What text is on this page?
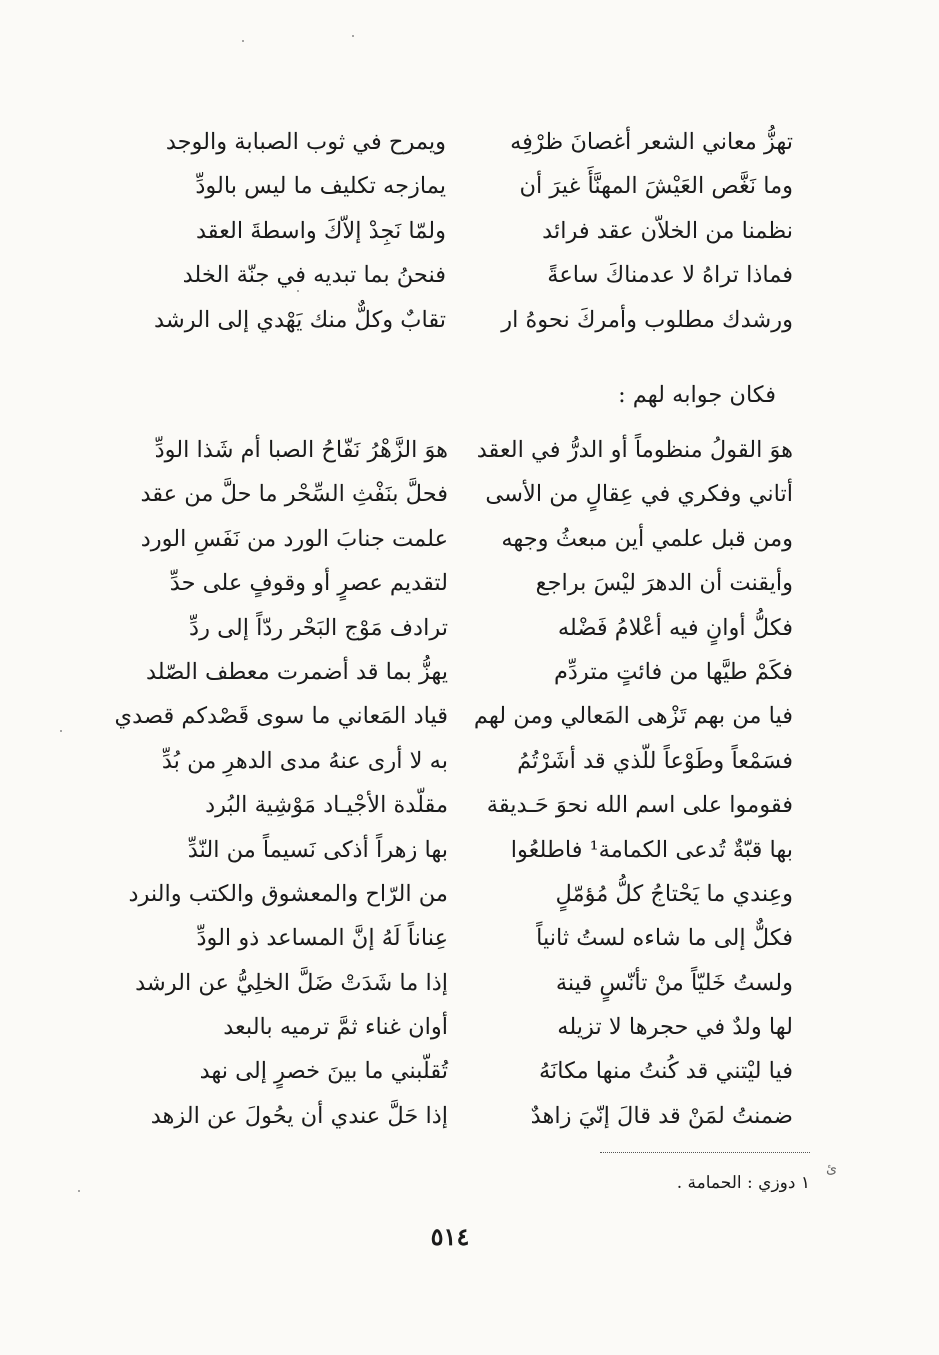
تهزُّ معاني الشعر أغصانَ ظرْفِه
وما نَغَّص العَيْشَ المهنَّأَ غيرَ أن
نظمنا من الخلاّن عقد فرائد
فماذا تراهُ لا عدمناكَ ساعةً
ورشدك مطلوب وأمركَ نحوهُ ار
ويمرح في ثوب الصبابة والوجد
يمازجه تكليف ما ليس بالودِّ
ولمّا نَجِدْ إلاّكَ واسطةَ العقد
فنحنُ بما تبديه في جنّة الخلد
تقابٌ وكلٌّ منك يَهْدي إلى الرشد
فكان جوابه لهم :
هوَ القولُ منظوماً أو الدرُّ في العقد
أتاني وفكري في عِقالٍ من الأسى
ومن قبل علمي أين مبعثُ وجهه
وأيقنت أن الدهرَ ليْسَ براجع
فكلُّ أوانٍ فيه أعْلامُ فَضْله
فكَمْ طيَّها من فائتٍ متردِّم
فيا من بهم تَزْهى المَعالي ومن لهم
فسَمْعاً وطَوْعاً للّذي قد أشَرْتُمُ
فقوموا على اسم الله نحوَ حَـديقة
بها قبّةٌ تُدعى الكمامة¹ فاطلعُوا
وعِندي ما يَحْتاجُ كلُّ مُؤمّلٍ
فكلٌّ إلى ما شاءه لستُ ثانياً
ولستُ خَليّاً منْ تأنّسٍ قينة
لها ولدٌ في حجرها لا تزيله
فيا ليْتني قد كُنتُ منها مكانَهُ
ضمنتُ لمَنْ قد قالَ إنّيَ زاهدٌ
هوَ الزَّهْرُ نَفّاحُ الصبا أم شَذا الودِّ
فحلَّ بنَفْثِ السِّحْر ما حلَّ من عقد
علمت جنابَ الورد من نَفَسِ الورد
لتقديم عصرٍ أو وقوفٍ على حدِّ
ترادف مَوْج البَحْر ردّاً إلى ردِّ
يهزُّ بما قد أضمرت معطف الصّلد
قياد المَعاني ما سوى قَصْدكم قصدي
به لا أرى عنهُ مدى الدهرِ من بُدِّ
مقلّدة الأجْيـاد مَوْشِية البُرد
بها زهراً أذكى نَسيماً من النّدِّ
من الرّاح والمعشوق والكتب والنرد
عِناناً لَهُ إنَّ المساعد ذو الودِّ
إذا ما شَدَتْ ضَلَّ الخلِيُّ عن الرشد
أوان غناء ثمَّ ترميه بالبعد
تُقلّبني ما بينَ خصرٍ إلى نهد
إذا حَلَّ عندي أن يحُولَ عن الزهد
ئ
١ دوزي : الحمامة .
٥١٤
